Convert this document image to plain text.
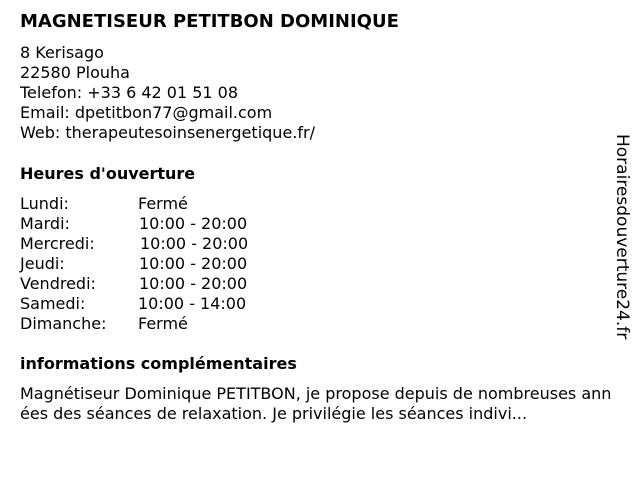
MAGNETISEUR PETITBON DOMINIQUE
8 Kerisago
22580 Plouha
Telefon: +33 6 42 01 51 08
Email: dpetitbon77@gmail.com
Web: therapeutesoinsenergetique.fr/
Heures d'ouverture
Lundi:	Fermé
Mardi:	10:00 - 20:00
Mercredi:	10:00 - 20:00
Jeudi:	10:00 - 20:00
Vendredi:	10:00 - 20:00
Samedi:	10:00 - 14:00
Dimanche: Fermé
informations complémentaires
Magnétiseur Dominique PETITBON, je propose depuis de nombreuses années des séances de relaxation. Je privilégie les séances indivi...
Horairesdouverture24.fr
